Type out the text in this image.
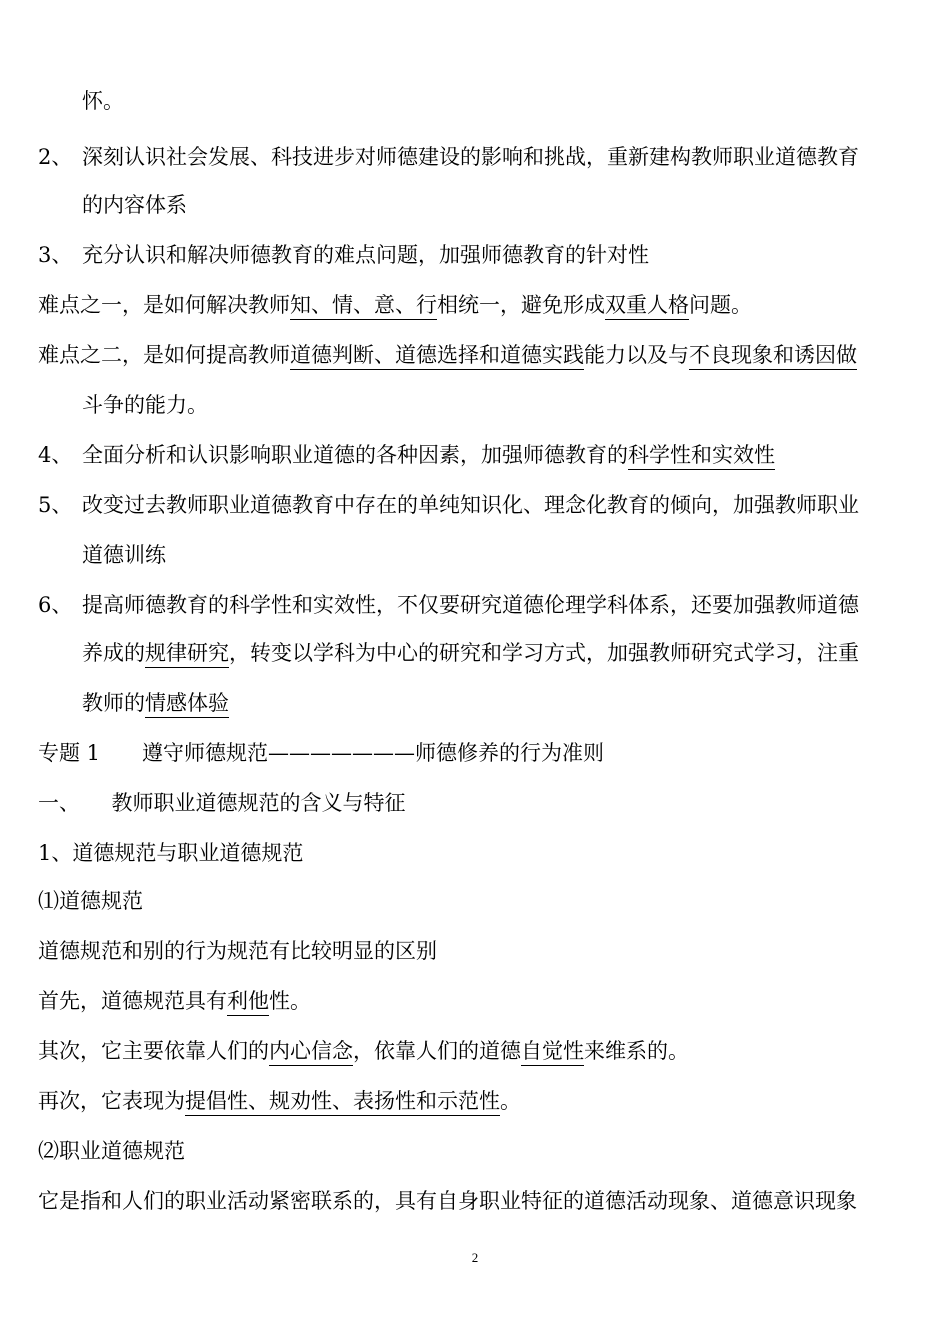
怀。
2、 深刻认识社会发展、科技进步对师德建设的影响和挑战，重新建构教师职业道德教育
的内容体系
3、 充分认识和解决师德教育的难点问题，加强师德教育的针对性
难点之一，是如何解决教师知、情、意、行相统一，避免形成双重人格问题。
难点之二，是如何提高教师道德判断、道德选择和道德实践能力以及与不良现象和诱因做
斗争的能力。
4、 全面分析和认识影响职业道德的各种因素，加强师德教育的科学性和实效性
5、 改变过去教师职业道德教育中存在的单纯知识化、理念化教育的倾向，加强教师职业
道德训练
6、 提高师德教育的科学性和实效性，不仅要研究道德伦理学科体系，还要加强教师道德
养成的规律研究，转变以学科为中心的研究和学习方式，加强教师研究式学习，注重
教师的情感体验
专题 1　　遵守师德规范———————师德修养的行为准则
一、　　教师职业道德规范的含义与特征
1、道德规范与职业道德规范
⑴道德规范
道德规范和别的行为规范有比较明显的区别
首先，道德规范具有利他性。
其次，它主要依靠人们的内心信念，依靠人们的道德自觉性来维系的。
再次，它表现为提倡性、规劝性、表扬性和示范性。
⑵职业道德规范
它是指和人们的职业活动紧密联系的，具有自身职业特征的道德活动现象、道德意识现象
2
